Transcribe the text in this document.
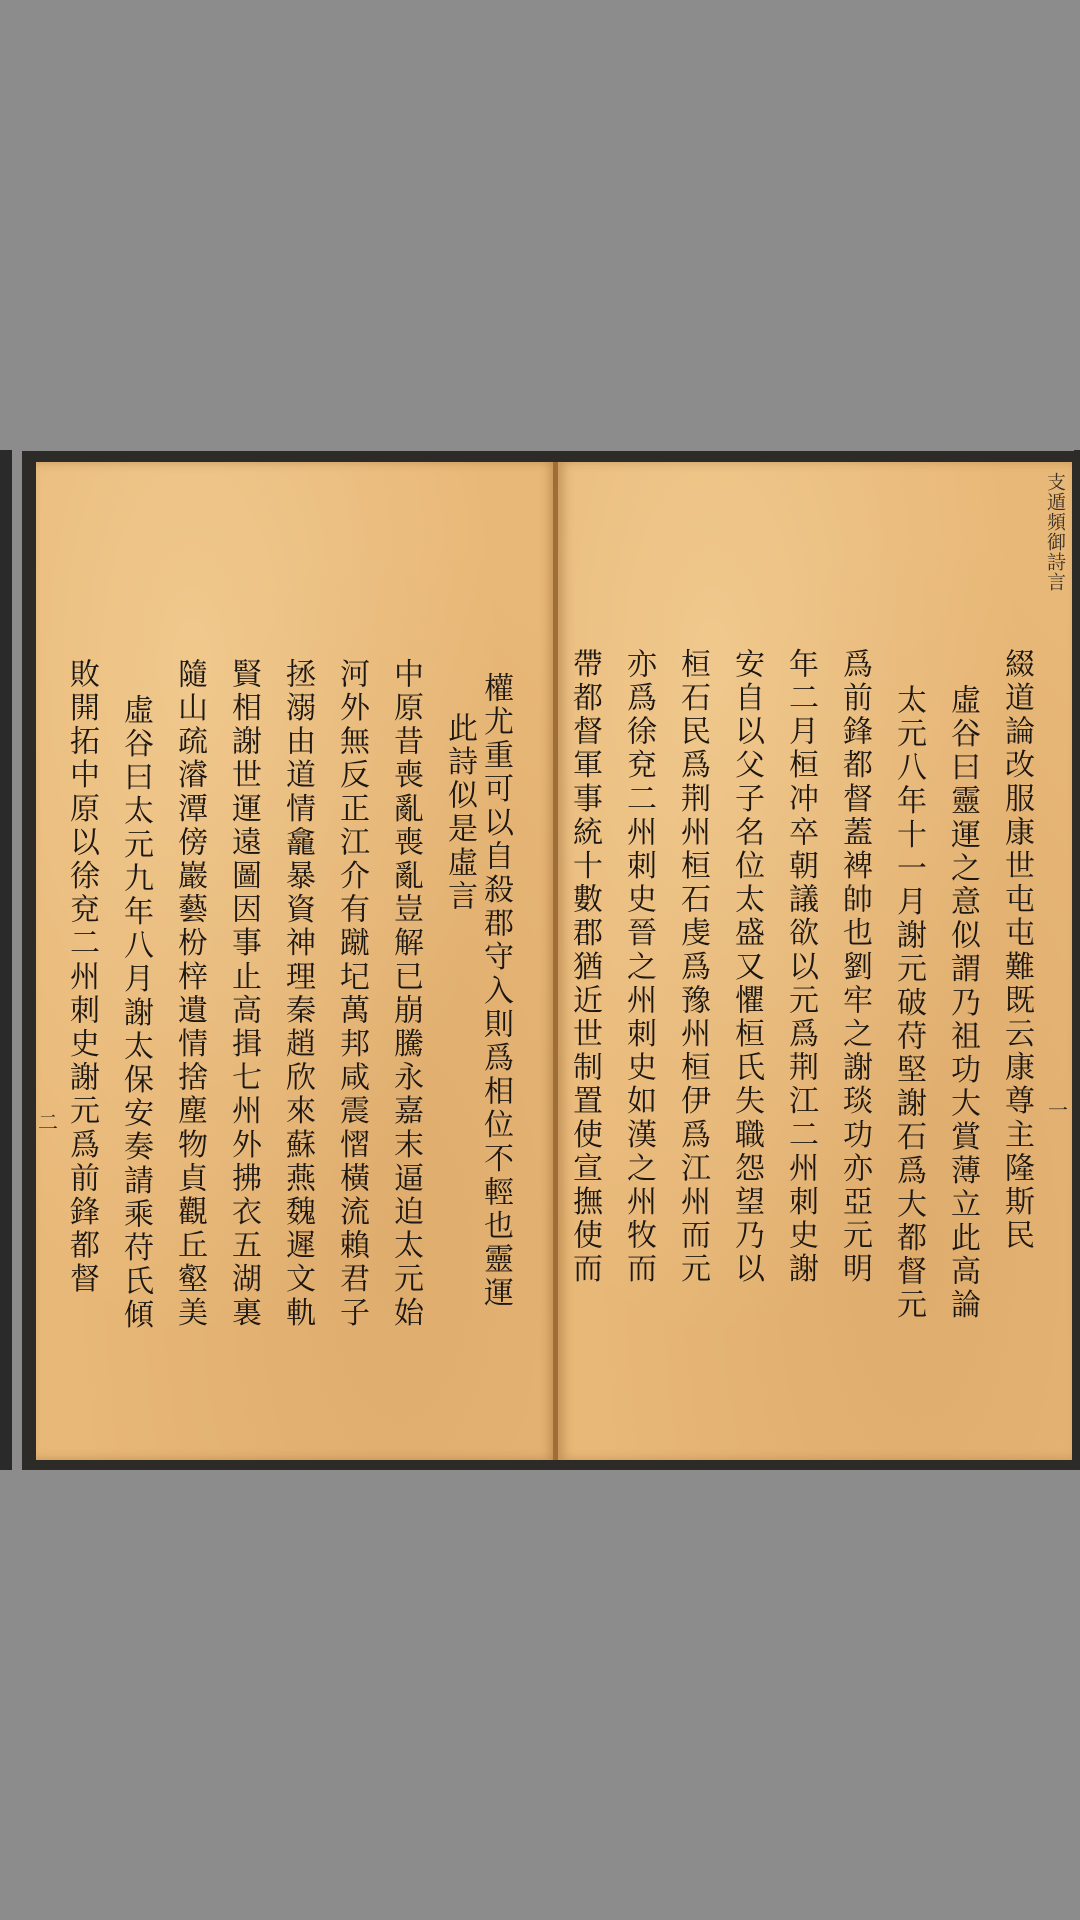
權尤重可以自殺郡守入則爲相位不輕也靈運
此詩似是虛言
中原昔喪亂喪亂豈解已崩騰永嘉末逼迫太元始
河外無反正江介有蹴圮萬邦咸震慴橫流賴君子
拯溺由道情龕暴資神理秦趙欣來蘇燕魏遲文軌
賢相謝世運遠圖因事止高揖七州外拂衣五湖裏
隨山疏濬潭傍巖藝枌梓遺情捨塵物貞觀丘壑美
虛谷曰太元九年八月謝太保安奏請乘苻氏傾
敗開拓中原以徐兗二州刺史謝元爲前鋒都督
二
支遁頻御詩言
綴道論改服康世屯屯難既云康尊主隆斯民
虛谷曰靈運之意似謂乃祖功大賞薄立此高論
太元八年十一月謝元破苻堅謝石爲大都督元
爲前鋒都督蓋裨帥也劉牢之謝琰功亦亞元明
年二月桓冲卒朝議欲以元爲荆江二州刺史謝
安自以父子名位太盛又懼桓氏失職怨望乃以
桓石民爲荆州桓石虔爲豫州桓伊爲江州而元
亦爲徐兗二州刺史晉之州刺史如漢之州牧而
帶都督軍事統十數郡猶近世制置使宣撫使而	一
